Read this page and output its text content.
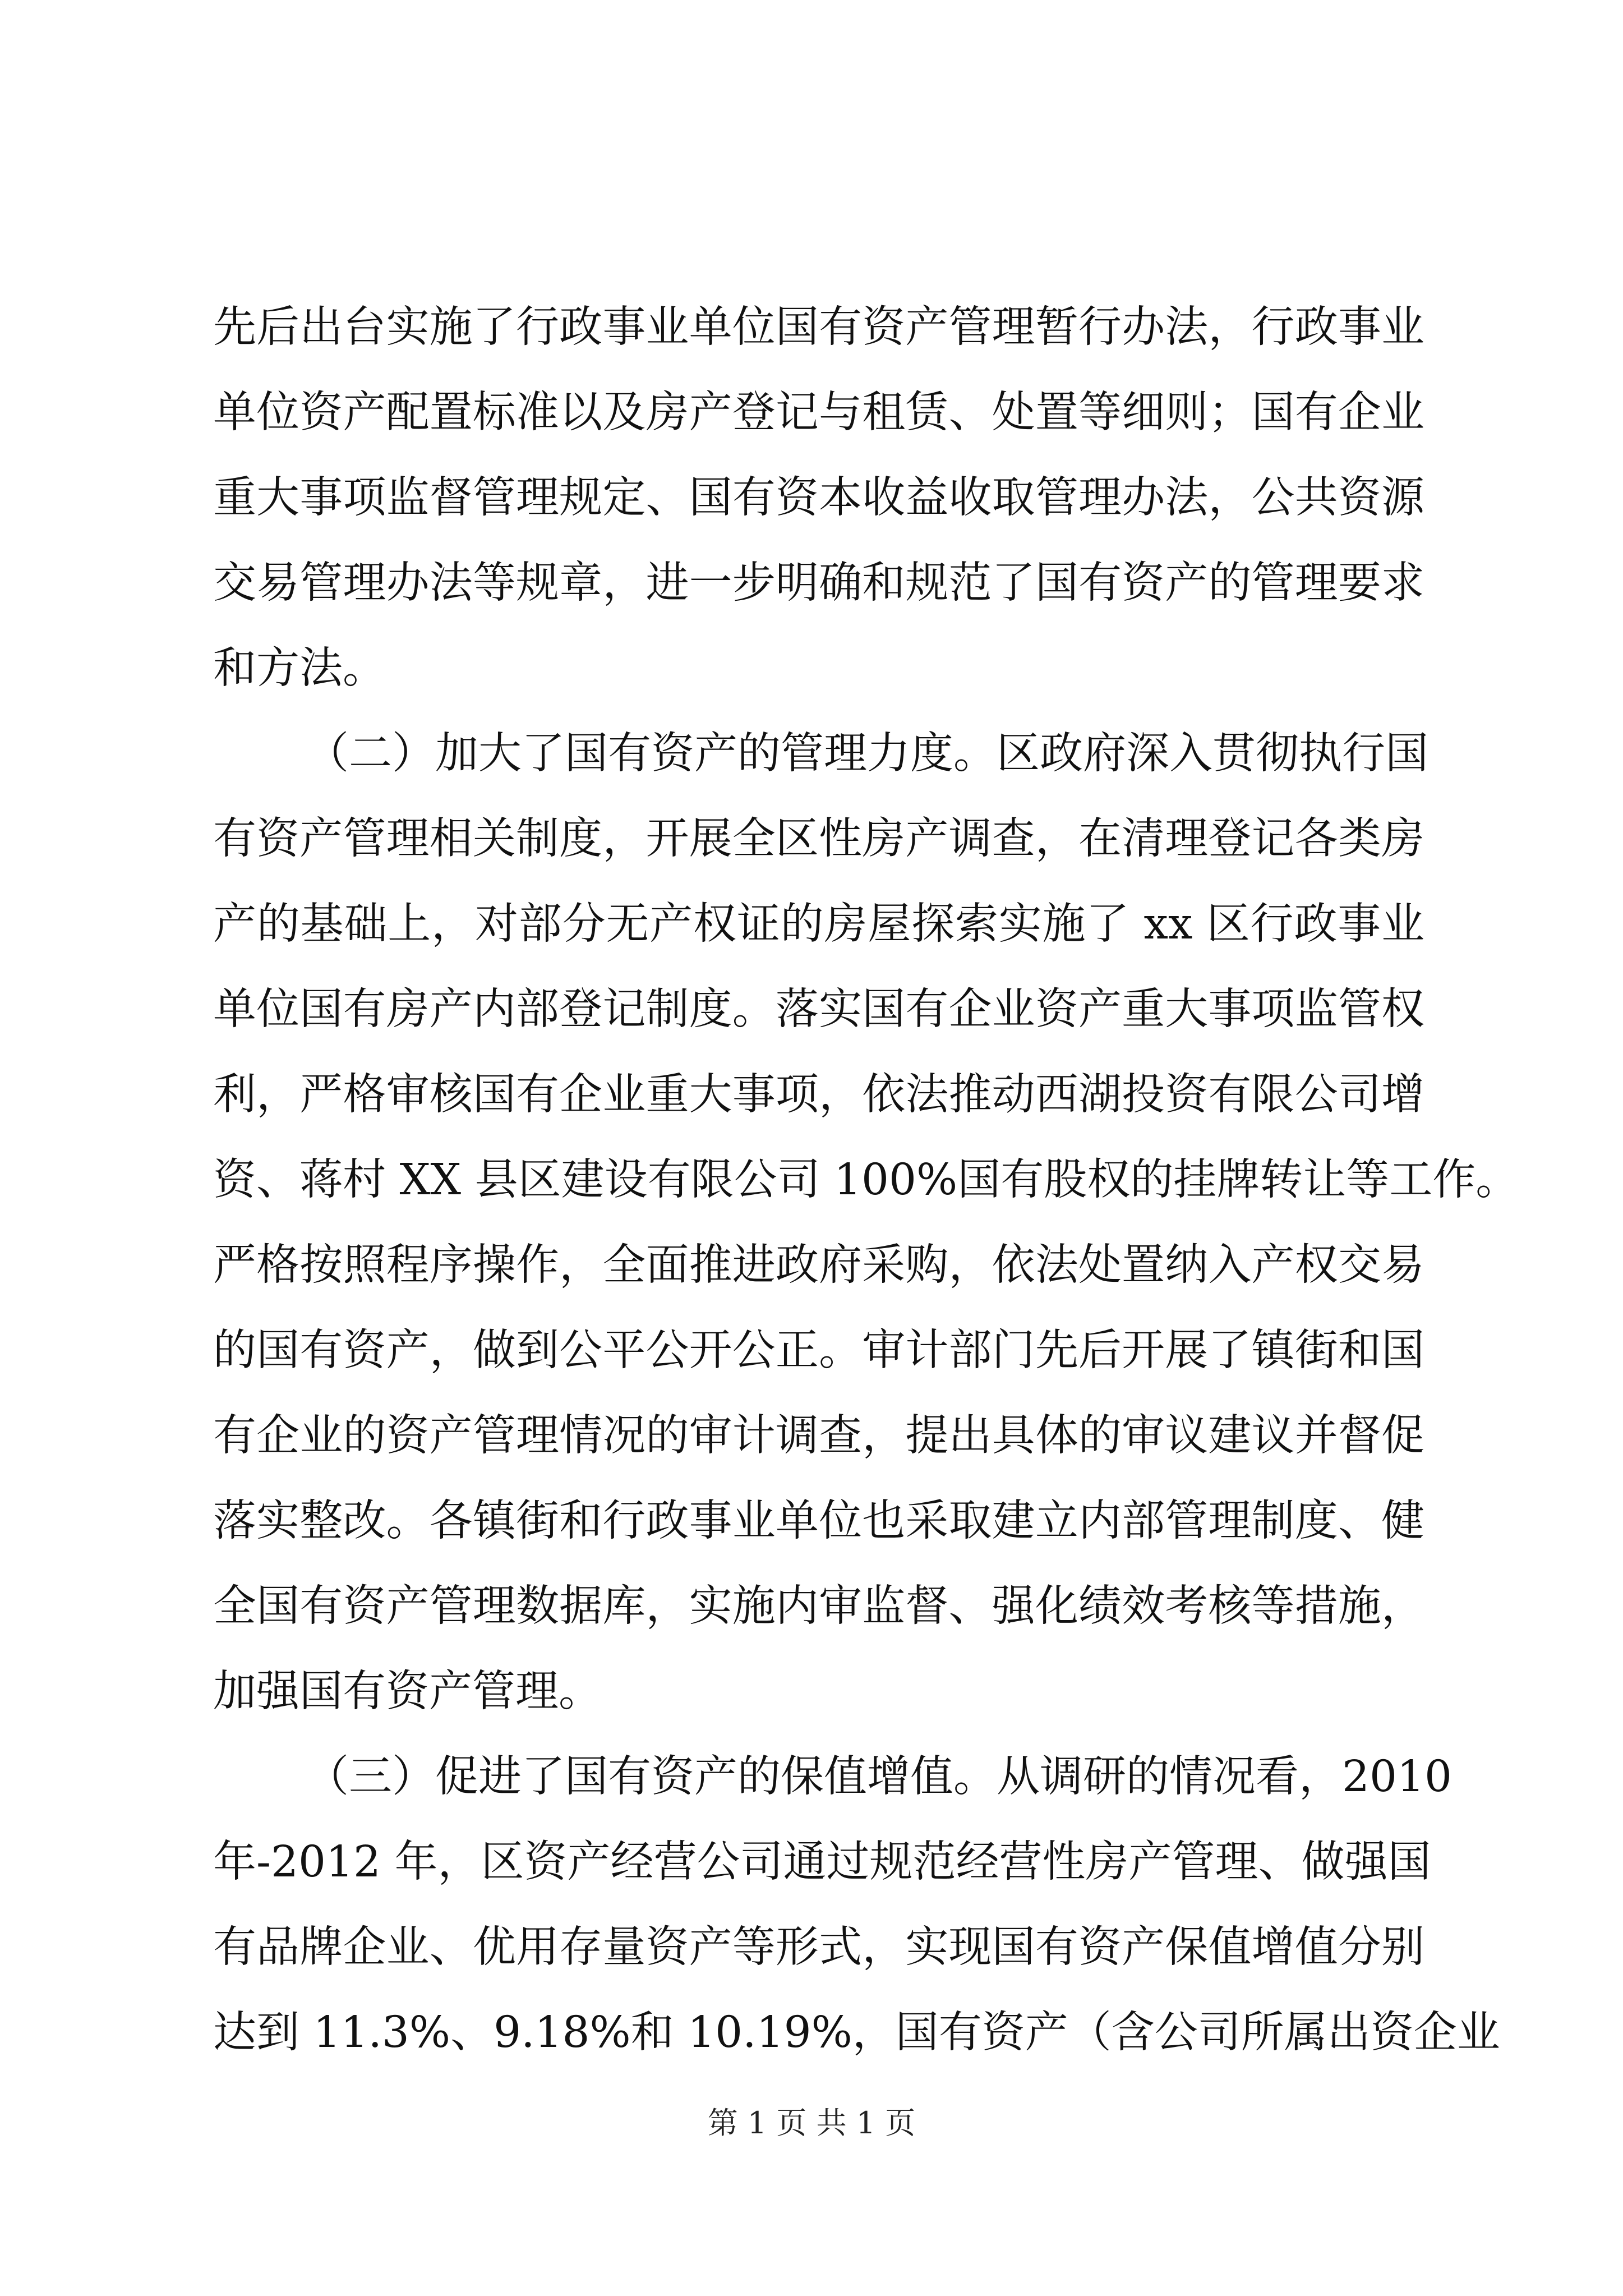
先后出台实施了行政事业单位国有资产管理暂行办法，行政事业
单位资产配置标准以及房产登记与租赁、处置等细则；国有企业
重大事项监督管理规定、国有资本收益收取管理办法，公共资源
交易管理办法等规章，进一步明确和规范了国有资产的管理要求
和方法。
（二）加大了国有资产的管理力度。区政府深入贯彻执行国
有资产管理相关制度，开展全区性房产调查，在清理登记各类房
产的基础上，对部分无产权证的房屋探索实施了 xx 区行政事业
单位国有房产内部登记制度。落实国有企业资产重大事项监管权
利，严格审核国有企业重大事项，依法推动西湖投资有限公司增
资、蒋村 XX 县区建设有限公司 100%国有股权的挂牌转让等工作。
严格按照程序操作，全面推进政府采购，依法处置纳入产权交易
的国有资产，做到公平公开公正。审计部门先后开展了镇街和国
有企业的资产管理情况的审计调查，提出具体的审议建议并督促
落实整改。各镇街和行政事业单位也采取建立内部管理制度、健
全国有资产管理数据库，实施内审监督、强化绩效考核等措施，
加强国有资产管理。
（三）促进了国有资产的保值增值。从调研的情况看，2010
年-2012 年，区资产经营公司通过规范经营性房产管理、做强国
有品牌企业、优用存量资产等形式，实现国有资产保值增值分别
达到 11.3%、9.18%和 10.19%，国有资产（含公司所属出资企业
第 1 页 共 1 页
